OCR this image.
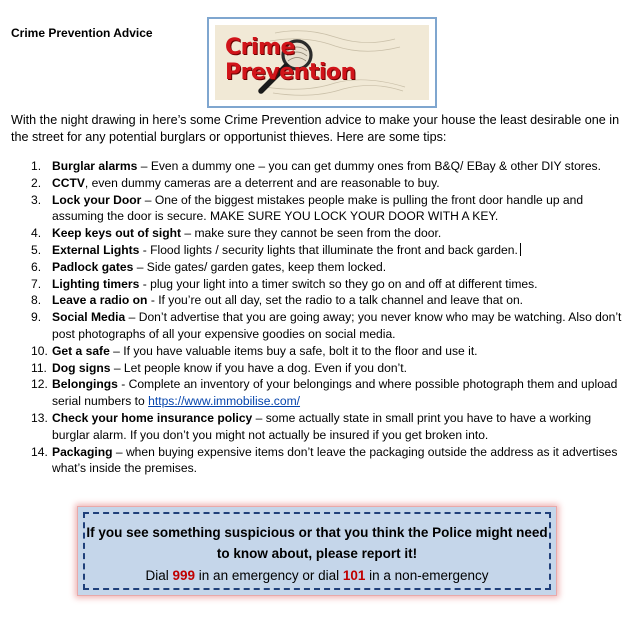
Crime Prevention Advice
Crime Prevention
With the night drawing in here’s some Crime Prevention advice to make your house the least desirable one in the street for any potential burglars or opportunist thieves. Here are some tips:
1. Burglar alarms – Even a dummy one – you can get dummy ones from B&Q/ EBay & other DIY stores.
2. CCTV, even dummy cameras are a deterrent and are reasonable to buy.
3. Lock your Door – One of the biggest mistakes people make is pulling the front door handle up and assuming the door is secure. MAKE SURE YOU LOCK YOUR DOOR WITH A KEY.
4. Keep keys out of sight – make sure they cannot be seen from the door.
5. External Lights - Flood lights / security lights that illuminate the front and back garden.
6. Padlock gates – Side gates/ garden gates, keep them locked.
7. Lighting timers - plug your light into a timer switch so they go on and off at different times.
8. Leave a radio on - If you’re out all day, set the radio to a talk channel and leave that on.
9. Social Media – Don’t advertise that you are going away; you never know who may be watching. Also don’t post photographs of all your expensive goodies on social media.
10. Get a safe – If you have valuable items buy a safe, bolt it to the floor and use it.
11. Dog signs – Let people know if you have a dog. Even if you don’t.
12. Belongings - Complete an inventory of your belongings and where possible photograph them and upload serial numbers to https://www.immobilise.com/
13. Check your home insurance policy – some actually state in small print you have to have a working burglar alarm. If you don’t you might not actually be insured if you get broken into.
14. Packaging – when buying expensive items don’t leave the packaging outside the address as it advertises what’s inside the premises.
If you see something suspicious or that you think the Police might need to know about, please report it!
Dial 999 in an emergency or dial 101 in a non-emergency
